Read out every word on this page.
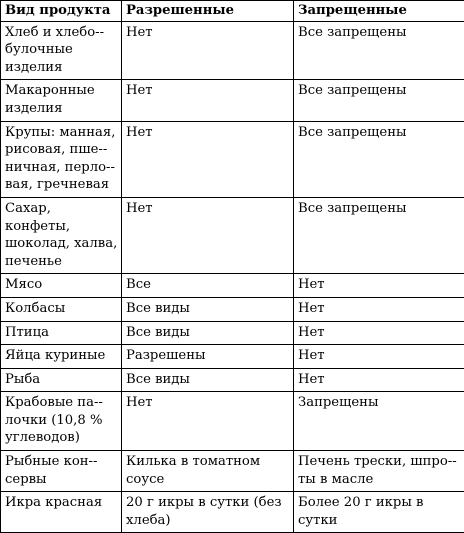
Вид продукта	Разрешенные	Запрещенные
Хлеб и хлебо-булочные изделия	Нет	Все запрещены
Макаронные изделия	Нет	Все запрещены
Крупы: манная, рисовая, пше-ничная, перло-вая, гречневая	Нет	Все запрещены
Сахар, конфеты, шоколад, халва, печенье	Нет	Все запрещены
Мясо	Все	Нет
Колбасы	Все виды	Нет
Птица	Все виды	Нет
Яйца куриные	Разрешены	Нет
Рыба	Все виды	Нет
Крабовые па-лочки (10,8 % углеводов)	Нет	Запрещены
Рыбные кон-сервы	Килька в томатном соусе	Печень трески, шпро-ты в масле
Икра красная	20 г икры в сутки (без хлеба)	Более 20 г икры в сутки
